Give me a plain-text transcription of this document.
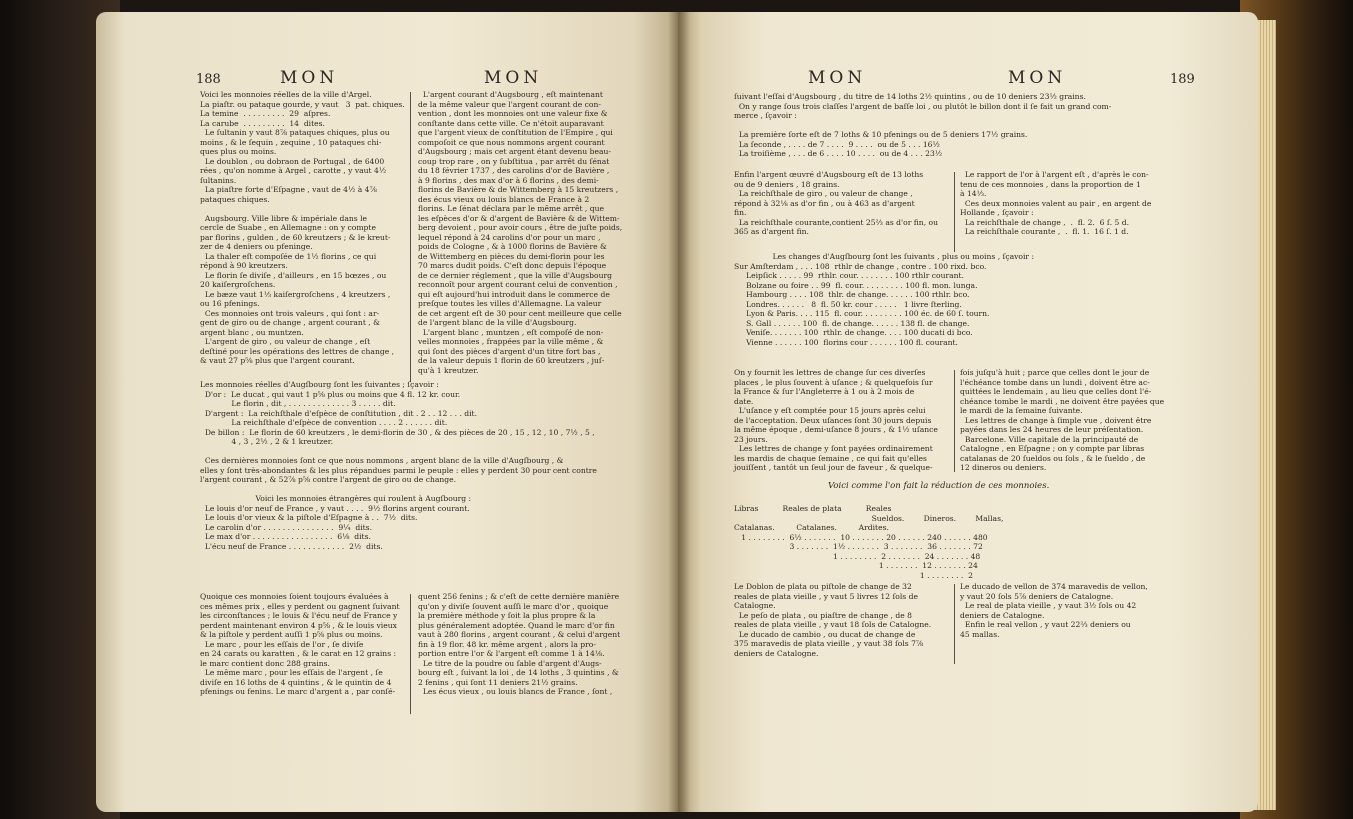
188	MON	MON
Voici les monnoies réelles de la ville d'Argel.
La piaſtr. ou pataque gourde, y vaut   3  pat. chiques.
La temine  . . . . . . . . .  29  aſpres.
La carube  . . . . . . . . .  14  dites.
Le ſultanin y vaut 8⅞ pataques chiques, plus ou
moins , & le ſequin , zequine , 10 pataques chi-
ques plus ou moins.
Le doublon , ou dobraon de Portugal , de 6400
rées , qu'on nomme à Argel , carotte , y vaut 4½
ſultanins.
La piaſtre forte d'Eſpagne , vaut de 4½ à 4⅞
pataques chiques.

Augsbourg. Ville libre & impériale dans le
cercle de Suabe , en Allemagne : on y compte
par florins , gulden , de 60 kreutzers ; & le kreut-
zer de 4 deniers ou pfeninge.
La thaler eſt compoſée de 1½ florins , ce qui
répond à 90 kreutzers.
Le florin ſe diviſe , d'ailleurs , en 15 bœzes , ou
20 kaiſergroſchens.
Le bæze vaut 1⅓ kaiſergroſchens , 4 kreutzers ,
ou 16 pfenings.
Ces monnoies ont trois valeurs , qui ſont : ar-
gent de giro ou de change , argent courant , &
argent blanc , ou muntzen.
L'argent de giro , ou valeur de change , eſt
deſtiné pour les opérations des lettres de change ,
& vaut 27 p⅝ plus que l'argent courant.
L'argent courant d'Augsbourg , eſt maintenant
de la même valeur que l'argent courant de con-
vention , dont les monnoies ont une valeur fixe &
conſtante dans cette ville. Ce n'étoit auparavant
que l'argent vieux de conſtitution de l'Empire , qui
compoſoit ce que nous nommons argent courant
d'Augsbourg ; mais cet argent étant devenu beau-
coup trop rare , on y ſubſtitua , par arrêt du ſénat
du 18 février 1737 , des carolins d'or de Bavière ,
à 9 florins , des max d'or à 6 florins , des demi-
florins de Bavière & de Wittemberg à 15 kreutzers ,
des écus vieux ou louis blancs de France à 2
florins. Le ſénat déclara par le même arrêt , que
les eſpèces d'or & d'argent de Bavière & de Wittem-
berg devoient , pour avoir cours , être de juſte poids,
lequel répond à 24 carolins d'or pour un marc ,
poids de Cologne , & à 1000 florins de Bavière &
de Wittemberg en pièces du demi-florin pour les
70 marcs dudit poids. C'eſt donc depuis l'époque
de ce dernier réglement , que la ville d'Augsbourg
reconnoît pour argent courant celui de convention ,
qui eſt aujourd'hui introduit dans le commerce de
preſque toutes les villes d'Allemagne. La valeur
de cet argent eſt de 30 pour cent meilleure que celle
de l'argent blanc de la ville d'Augsbourg.
L'argent blanc , muntzen , eſt compoſé de non-
velles monnoies , frappées par la ville même , &
qui ſont des pièces d'argent d'un titre fort bas ,
de la valeur depuis 1 florin de 60 kreutzers , juſ-
qu'à 1 kreutzer.
Les monnoies réelles d'Augſbourg ſont les ſuivantes ; ſçavoir :
D'or :  Le ducat , qui vaut 1 p⅝ plus ou moins que 4 fl. 12 kr. cour.
Le florin , dit , . . . . . . . . . . . . . 3 . . . . . dit.
D'argent :  La reichſthale d'eſpèce de conſtitution , dit . 2 . . 12 . . . dit.
La reichſthale d'eſpèce de convention . . . . 2 . . . . . . dit.
De billon :  Le florin de 60 kreutzers , le demi-florin de 30 , & des pièces de 20 , 15 , 12 , 10 , 7½ , 5 ,
4 , 3 , 2½ , 2 & 1 kreutzer.

Ces dernières monnoies ſont ce que nous nommons , argent blanc de la ville d'Augſbourg , &
elles y ſont très-abondantes & les plus répandues parmi le peuple : elles y perdent 30 pour cent contre
l'argent courant , & 52⅞ p⅝ contre l'argent de giro ou de change.

Voici les monnoies étrangères qui roulent à Augſbourg :
Le louis d'or neuf de France , y vaut . . . .  9½ florins argent courant.
Le louis d'or vieux & la piſtole d'Eſpagne à . .  7½  dits.
Le carolin d'or . . . . . . . . . . . . . . .  9¼  dits.
Le max d'or . . . . . . . . . . . . . . . . .  6⅛  dits.
L'écu neuf de France . . . . . . . . . . . .  2½  dits.
Quoique ces monnoies ſoient toujours évaluées à
ces mêmes prix , elles y perdent ou gagnent ſuivant
les circonſtances ; le louis & l'écu neuf de France y
perdent maintenant environ 4 p⅝ , & le louis vieux
& la piſtole y perdent auſſi 1 p⅝ plus ou moins.
Le marc , pour les eſſais de l'or , ſe diviſe
en 24 carats ou karatten , & le carat en 12 grains :
le marc contient donc 288 grains.
Le même marc , pour les eſſais de l'argent , ſe
diviſe en 16 loths de 4 quintins , & le quintin de 4
pfenings ou fenins. Le marc d'argent a , par conſé-
quent 256 fenins ; & c'eſt de cette dernière manière
qu'on y diviſe ſouvent auſſi le marc d'or , quoique
la première méthode y ſoit la plus propre & la
plus généralement adoptée. Quand le marc d'or fin
vaut à 280 florins , argent courant , & celui d'argent
fin à 19 flor. 48 kr. même argent , alors la pro-
portion entre l'or & l'argent eſt comme 1 à 14⅛.
Le titre de la poudre ou ſable d'argent d'Augs-
bourg eſt , ſuivant la loi , de 14 loths , 3 quintins , &
2 fenins , qui ſont 11 deniers 21½ grains.
Les écus vieux , ou louis blancs de France , ſont ,
MON	MON	189
ſuivant l'eſſai d'Augsbourg , du titre de 14 loths 2½ quintins , ou de 10 deniers 23½ grains.
On y range ſous trois claſſes l'argent de baſſe loi , ou plutôt le billon dont il ſe fait un grand com-
merce , ſçavoir :
La première ſorte eſt de 7 loths & 10 pfenings ou de 5 deniers 17½ grains.
La ſeconde , . . . . de 7 . . . .  9 . . . .  ou de 5 . . . 16½
La troiſième , . . . de 6 . . . . 10 . . . .  ou de 4 . . . 23½
Enfin l'argent œuvré d'Augsbourg eſt de 13 loths
ou de 9 deniers , 18 grains.
La reichſthale de giro , ou valeur de change ,
répond à 32⅛ as d'or fin , ou à 463 as d'argent
fin.
La reichſthale courante,contient 25⅔ as d'or fin, ou
365 as d'argent fin.
Le rapport de l'or à l'argent eſt , d'après le con-
tenu de ces monnoies , dans la proportion de 1
à 14⅓.
Ces deux monnoies valent au pair , en argent de
Hollande , ſçavoir :
La reichſthale de change ,  .  fl. 2.  6 ſ. 5 d.
La reichſthale courante ,  .  fl. 1.  16 ſ. 1 d.
Les changes d'Augſbourg ſont les ſuivants , plus ou moins , ſçavoir :
Sur Amſterdam , . . . 108  rthlr de change , contre . 100 rixd. bco.
Leipſick . . . . . 99  rthlr. cour. . . . . . . . 100 rthlr courant.
Bolzane ou foire . . 99  fl. cour. . . . . . . . . 100 fl. mon. lunga.
Hambourg . . . . 108  thlr. de change. . . . . . 100 rthlr. bco.
Londres. . . . . .   8  fl. 50 kr. cour . . . . .   1 livre ſterling.
Lyon & Paris. . . . 115  fl. cour. . . . . . . . . 100 éc. de 60 ſ. tourn.
S. Gall . . . . . . 100  fl. de change. . . . . . 138 fl. de change.
Veniſe. . . . . . . 100  rthlr. de change. . . . 100 ducati di bco.
Vienne . . . . . . 100  florins cour . . . . . . 100 fl. courant.
On y fournit les lettres de change ſur ces diverſes
places , le plus ſouvent à uſance ; & quelquefois ſur
la France & ſur l'Angleterre à 1 ou à 2 mois de
date.
L'uſance y eſt comptée pour 15 jours après celui
de l'acceptation. Deux uſances ſont 30 jours depuis
la même époque , demi-uſance 8 jours , & 1½ uſance
23 jours.
Les lettres de change y ſont payées ordinairement
les mardis de chaque ſemaine , ce qui fait qu'elles
jouiſſent , tantôt un ſeul jour de faveur , & quelque-
fois juſqu'à huit ; parce que celles dont le jour de
l'échéance tombe dans un lundi , doivent être ac-
quittées le lendemain , au lieu que celles dont l'é-
chéance tombe le mardi , ne doivent être payées que
le mardi de la ſemaine ſuivante.
Les lettres de change à ſimple vue , doivent être
payées dans les 24 heures de leur préſentation.
Barcelone. Ville capitale de la principauté de
Catalogne , en Eſpagne ; on y compte par libras
catalanas de 20 ſueldos ou ſols , & le ſueldo , de
12 dineros ou deniers.
Voici comme l'on fait la réduction de ces monnoies.
Libras          Reales de plata          Reales
Sueldos.        Dineros.        Mallas,
Catalanas.         Catalanes.         Ardites.
1 . . . . . . . .  6½ . . . . . . .  10 . . . . . . . 20 . . . . . . 240 . . . . . . 480
3 . . . . . . .  1½ . . . . . . .  3 . . . . . . .  36 . . . . . . . 72
1 . . . . . . . .  2 . . . . . . .  24 . . . . . . . 48
1 . . . . . . .  12 . . . . . . . 24
1 . . . . . . . .  2
Le Doblon de plata ou piſtole de change de 32
reales de plata vieille , y vaut 5 livres 12 ſols de
Catalogne.
Le peſo de plata , ou piaſtre de change , de 8
reales de plata vieille , y vaut 18 ſols de Catalogne.
Le ducado de cambio , ou ducat de change de
375 maravedis de plata vieille , y vaut 38 ſols 7⅞
deniers de Catalogne.
Le ducado de vellon de 374 maravedis de vellon,
y vaut 20 ſols 5⅞ deniers de Catalogne.
Le real de plata vieille , y vaut 3½ ſols ou 42
deniers de Catalogne.
Enfin le real vellon , y vaut 22⅔ deniers ou
45 mallas.
